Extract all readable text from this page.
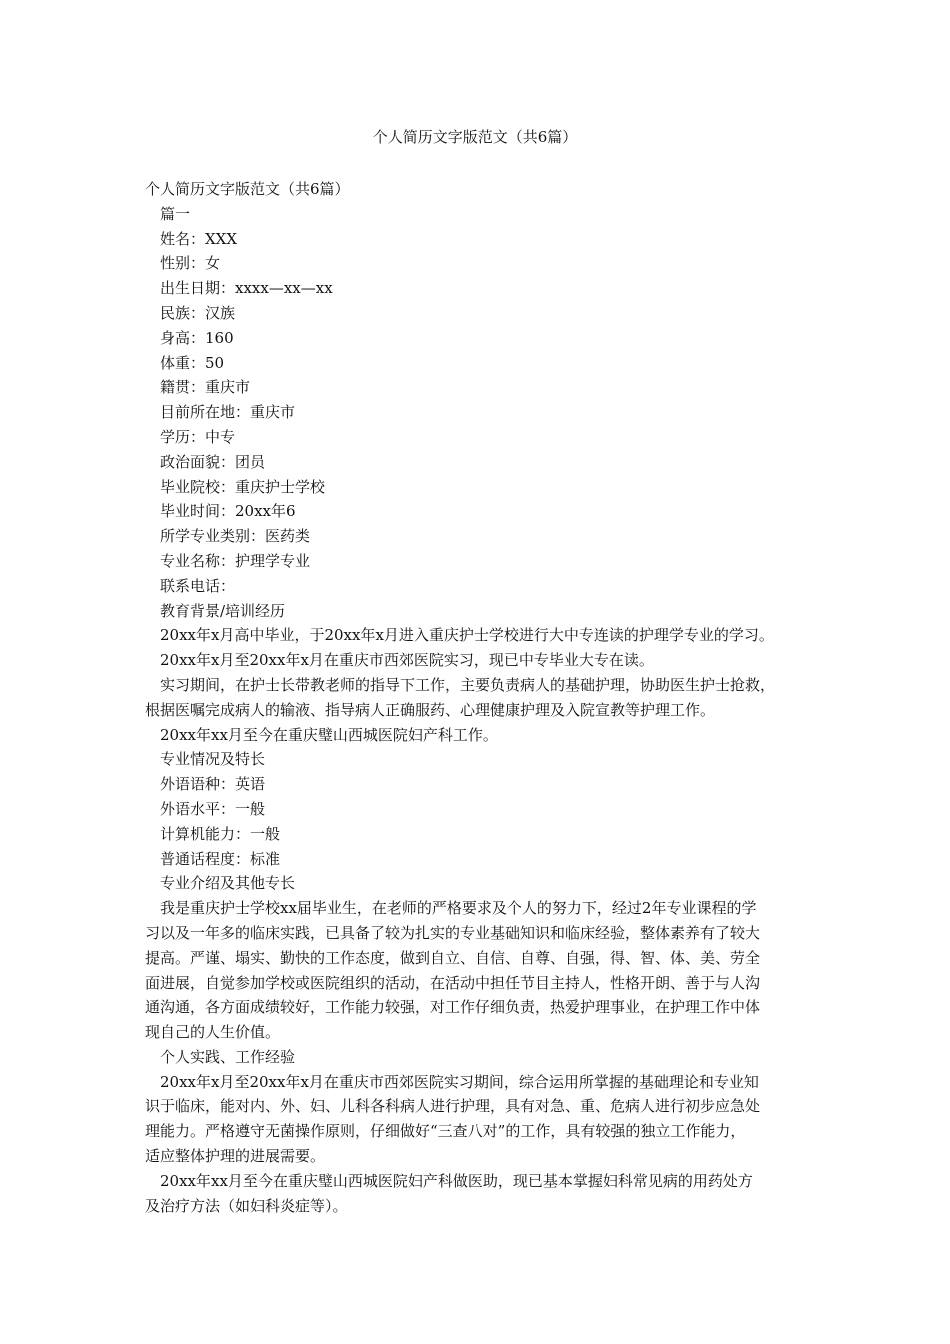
个人简历文字版范文（共6篇）
个人简历文字版范文（共6篇）
篇一
姓名：XXX
性别：女
出生日期：xxxx—xx—xx
民族：汉族
身高：160
体重：50
籍贯：重庆市
目前所在地：重庆市
学历：中专
政治面貌：团员
毕业院校：重庆护士学校
毕业时间：20xx年6
所学专业类别：医药类
专业名称：护理学专业
联系电话：
教育背景/培训经历
20xx年x月高中毕业，于20xx年x月进入重庆护士学校进行大中专连读的护理学专业的学习。
20xx年x月至20xx年x月在重庆市西郊医院实习，现已中专毕业大专在读。
实习期间，在护士长带教老师的指导下工作，主要负责病人的基础护理，协助医生护士抢救，
根据医嘱完成病人的输液、指导病人正确服药、心理健康护理及入院宣教等护理工作。
20xx年xx月至今在重庆璧山西城医院妇产科工作。
专业情况及特长
外语语种：英语
外语水平：一般
计算机能力：一般
普通话程度：标准
专业介绍及其他专长
我是重庆护士学校xx届毕业生，在老师的严格要求及个人的努力下，经过2年专业课程的学
习以及一年多的临床实践，已具备了较为扎实的专业基础知识和临床经验，整体素养有了较大
提高。严谨、塌实、勤快的工作态度，做到自立、自信、自尊、自强，得、智、体、美、劳全
面进展，自觉参加学校或医院组织的活动，在活动中担任节目主持人，性格开朗、善于与人沟
通沟通，各方面成绩较好，工作能力较强，对工作仔细负责，热爱护理事业，在护理工作中体
现自己的人生价值。
个人实践、工作经验
20xx年x月至20xx年x月在重庆市西郊医院实习期间，综合运用所掌握的基础理论和专业知
识于临床，能对内、外、妇、儿科各科病人进行护理，具有对急、重、危病人进行初步应急处
理能力。严格遵守无菌操作原则，仔细做好“三查八对”的工作，具有较强的独立工作能力，
适应整体护理的进展需要。
20xx年xx月至今在重庆璧山西城医院妇产科做医助，现已基本掌握妇科常见病的用药处方
及治疗方法（如妇科炎症等）。
